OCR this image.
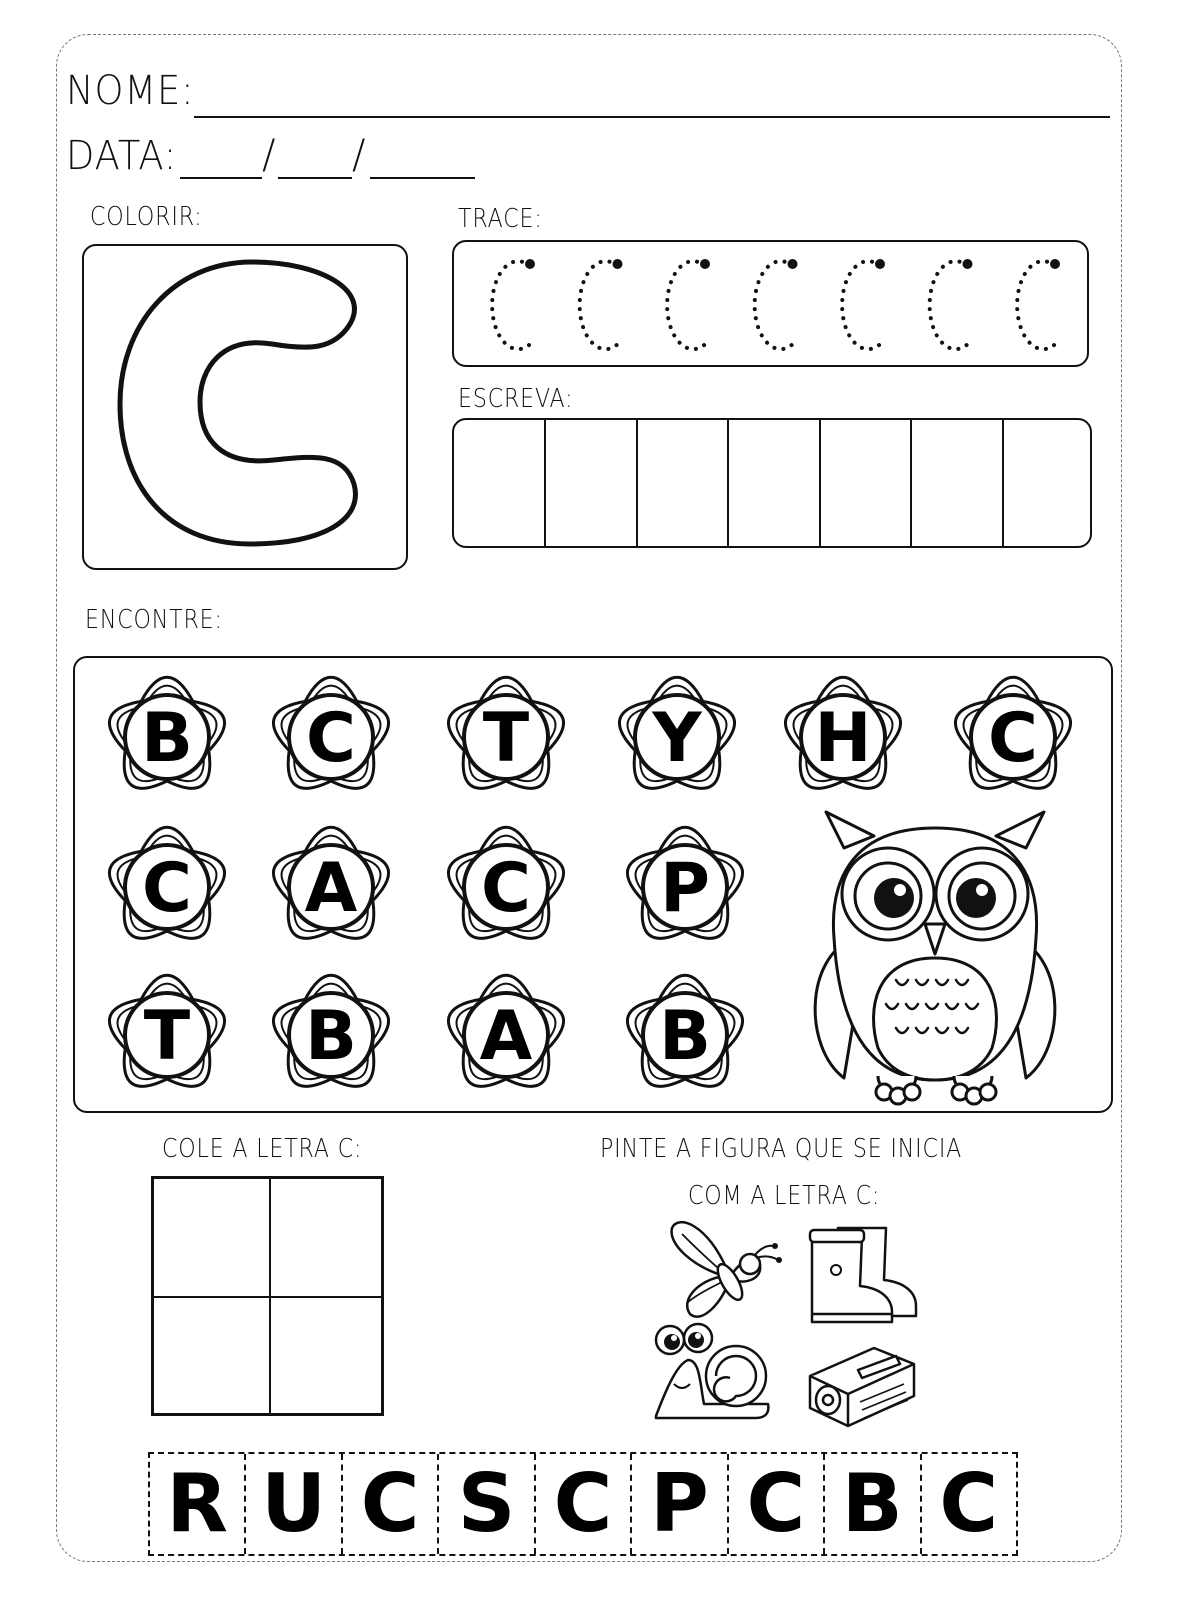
NOME:
DATA: / /
COLORIR:	TRACE:
ESCREVA:
ENCONTRE:
B C T Y H C
C A C P
T B A B
COLE A LETRA C:	PINTE A FIGURA QUE SE INICIA
COM A LETRA C:
R U C S C P C B C
